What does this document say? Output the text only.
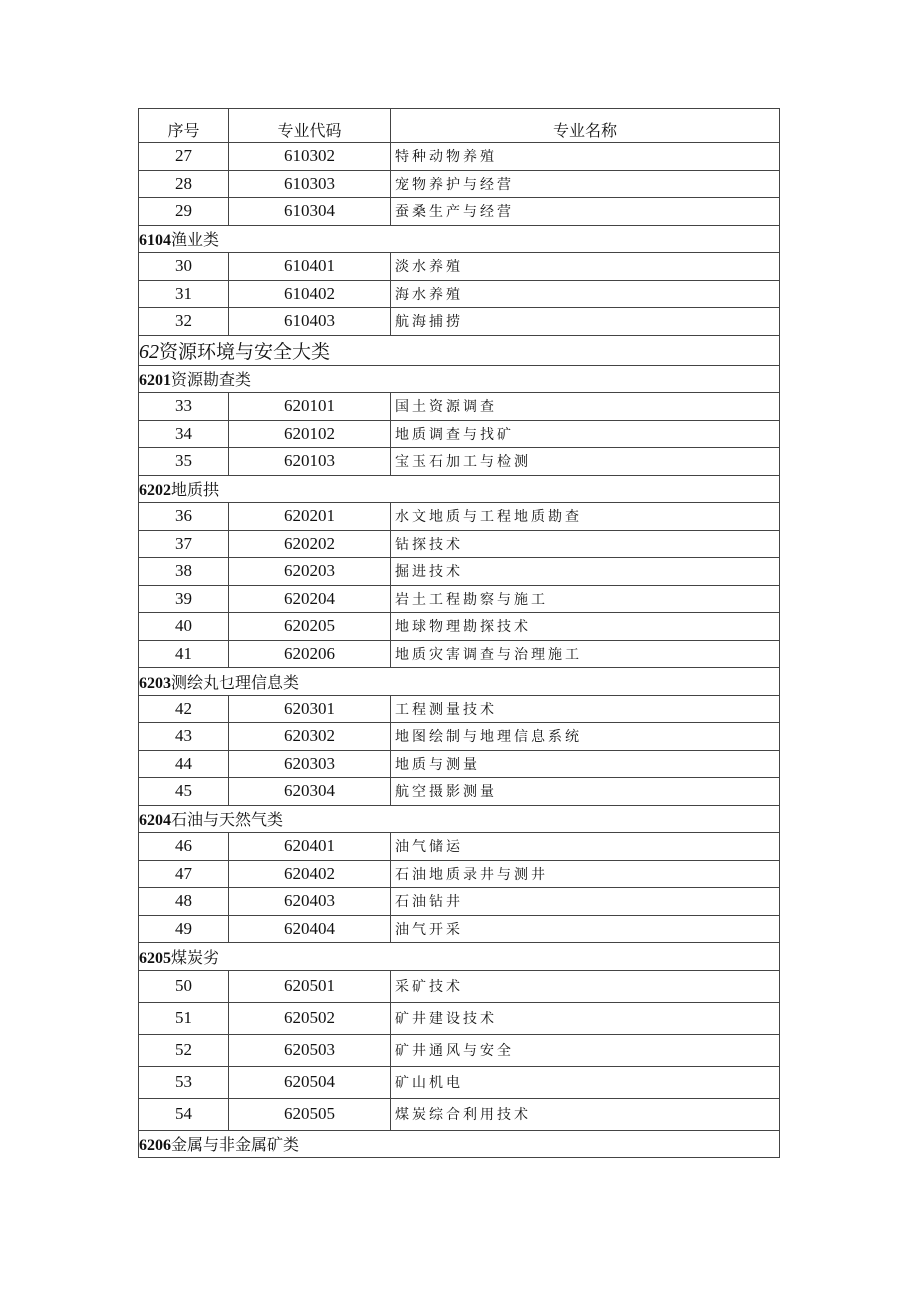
序号	专业代码	专业名称
27	610302	特种动物养殖
28	610303	宠物养护与经营
29	610304	蚕桑生产与经营
6104渔业类		
30	610401	淡水养殖
31	610402	海水养殖
32	610403	航海捕捞
62资源环境与安全大类		
6201资源勘查类		
33	620101	国土资源调查
34	620102	地质调查与找矿
35	620103	宝玉石加工与检测
6202地质拱		
36	620201	水文地质与工程地质勘查
37	620202	钻探技术
38	620203	掘进技术
39	620204	岩土工程勘察与施工
40	620205	地球物理勘探技术
41	620206	地质灾害调查与治理施工
6203测绘丸乜理信息类		
42	620301	工程测量技术
43	620302	地图绘制与地理信息系统
44	620303	地质与测量
45	620304	航空摄影测量
6204石油与天然气类		
46	620401	油气储运
47	620402	石油地质录井与测井
48	620403	石油钻井
49	620404	油气开采
6205煤炭劣		
50	620501	采矿技术
51	620502	矿井建设技术
52	620503	矿井通风与安全
53	620504	矿山机电
54	620505	煤炭综合利用技术
6206金属与非金属矿类		
